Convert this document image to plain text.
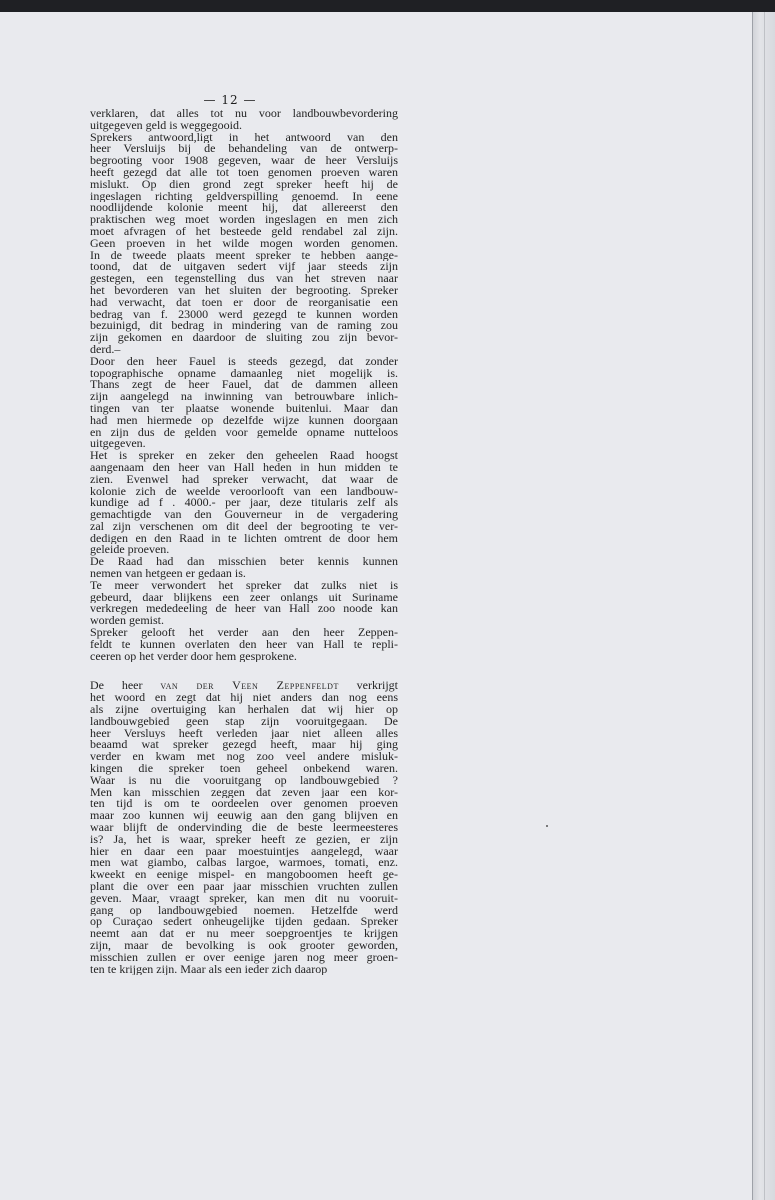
— 12 —
verklaren, dat alles tot nu voor landbouwbevordering
uitgegeven geld is weggegooid.
Sprekers antwoord,ligt in het antwoord van den
heer Versluijs bij de behandeling van de ontwerp-
begrooting voor 1908 gegeven, waar de heer Versluijs
heeft gezegd dat alle tot toen genomen proeven waren
mislukt. Op dien grond zegt spreker heeft hij de
ingeslagen richting geldverspilling genoemd. In eene
noodlijdende kolonie meent hij, dat allereerst den
praktischen weg moet worden ingeslagen en men zich
moet afvragen of het besteede geld rendabel zal zijn.
Geen proeven in het wilde mogen worden genomen.
In de tweede plaats meent spreker te hebben aange-
toond, dat de uitgaven sedert vijf jaar steeds zijn
gestegen, een tegenstelling dus van het streven naar
het bevorderen van het sluiten der begrooting. Spreker
had verwacht, dat toen er door de reorganisatie een
bedrag van f. 23000 werd gezegd te kunnen worden
bezuinigd, dit bedrag in mindering van de raming zou
zijn gekomen en daardoor de sluiting zou zijn bevor-
derd.–
Door den heer Fauel is steeds gezegd, dat zonder
topographische opname damaanleg niet mogelijk is.
Thans zegt de heer Fauel, dat de dammen alleen
zijn aangelegd na inwinning van betrouwbare inlich-
tingen van ter plaatse wonende buitenlui. Maar dan
had men hiermede op dezelfde wijze kunnen doorgaan
en zijn dus de gelden voor gemelde opname nutteloos
uitgegeven.
Het is spreker en zeker den geheelen Raad hoogst
aangenaam den heer van Hall heden in hun midden te
zien. Evenwel had spreker verwacht, dat waar de
kolonie zich de weelde veroorlooft van een landbouw-
kundige ad f . 4000.- per jaar, deze titularis zelf als
gemachtigde van den Gouverneur in de vergadering
zal zijn verschenen om dit deel der begrooting te ver-
dedigen en den Raad in te lichten omtrent de door hem
geleide proeven.
De Raad had dan misschien beter kennis kunnen
nemen van hetgeen er gedaan is.
Te meer verwondert het spreker dat zulks niet is
gebeurd, daar blijkens een zeer onlangs uit Suriname
verkregen mededeeling de heer van Hall zoo noode kan
worden gemist.
Spreker gelooft het verder aan den heer Zeppen-
feldt te kunnen overlaten den heer van Hall te repli-
ceeren op het verder door hem gesprokene.
De heer van der Veen Zeppenfeldt verkrijgt
het woord en zegt dat hij niet anders dan nog eens
als zijne overtuiging kan herhalen dat wij hier op
landbouwgebied geen stap zijn vooruitgegaan. De
heer Versluys heeft verleden jaar niet alleen alles
beaamd wat spreker gezegd heeft, maar hij ging
verder en kwam met nog zoo veel andere misluk-
kingen die spreker toen geheel onbekend waren.
Waar is nu die vooruitgang op landbouwgebied ?
Men kan misschien zeggen dat zeven jaar een kor-
ten tijd is om te oordeelen over genomen proeven
maar zoo kunnen wij eeuwig aan den gang blijven en
waar blijft de ondervinding die de beste leermeesteres
is? Ja, het is waar, spreker heeft ze gezien, er zijn
hier en daar een paar moestuintjes aangelegd, waar
men wat giambo, calbas largoe, warmoes, tomati, enz.
kweekt en eenige mispel- en mangoboomen heeft ge-
plant die over een paar jaar misschien vruchten zullen
geven. Maar, vraagt spreker, kan men dit nu vooruit-
gang op landbouwgebied noemen. Hetzelfde werd
op Curaçao sedert onheugelijke tijden gedaan. Spreker
neemt aan dat er nu meer soepgroentjes te krijgen
zijn, maar de bevolking is ook grooter geworden,
misschien zullen er over eenige jaren nog meer groen-
ten te krijgen zijn. Maar als een ieder zich daarop
